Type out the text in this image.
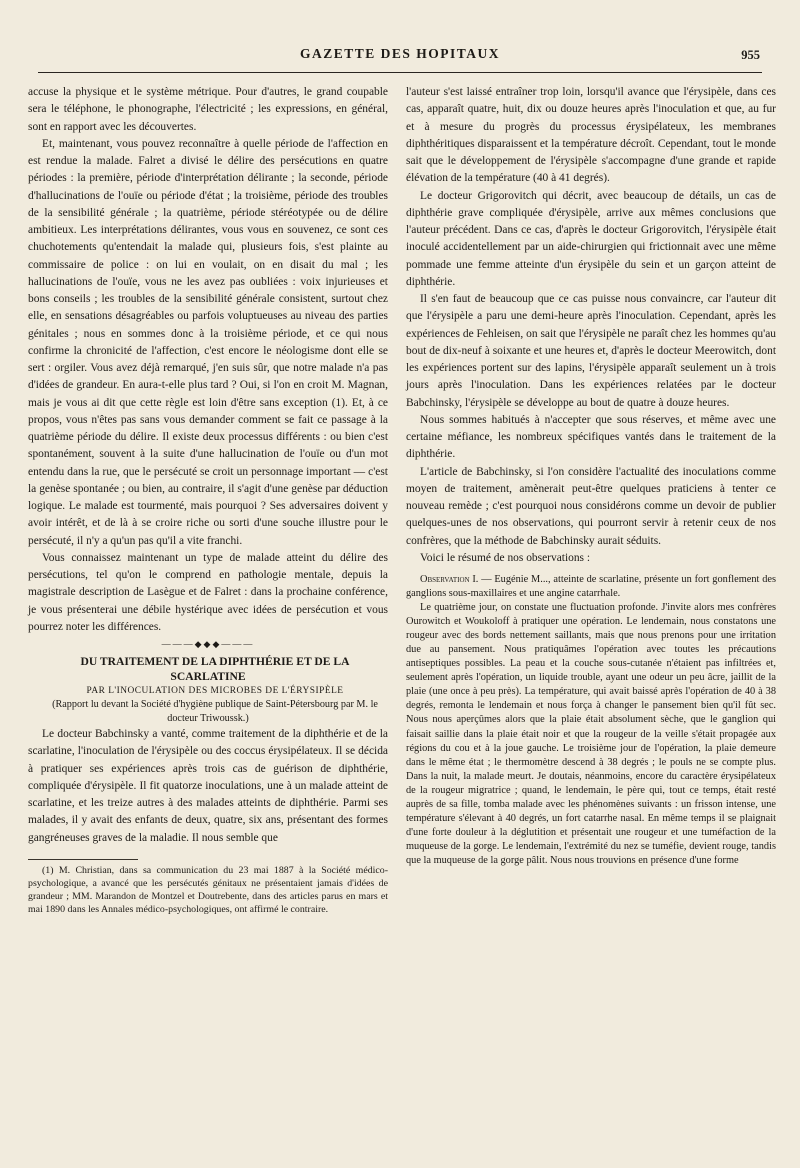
GAZETTE DES HOPITAUX	955

accuse la physique et le système métrique. Pour d'autres, le grand coupable sera le téléphone, le phonographe, l'électricité ; les expressions, en général, sont en rapport avec les découvertes.

Et, maintenant, vous pouvez reconnaître à quelle période de l'affection en est rendue la malade. Falret a divisé le délire des persécutions en quatre périodes : la première, période d'interprétation délirante ; la seconde, période d'hallucinations de l'ouïe ou période d'état ; la troisième, période des troubles de la sensibilité générale ; la quatrième, période stéréotypée ou de délire ambitieux. Les interprétations délirantes, vous vous en souvenez, ce sont ces chuchotements qu'entendait la malade qui, plusieurs fois, s'est plainte au commissaire de police : on lui en voulait, on en disait du mal ; les hallucinations de l'ouïe, vous ne les avez pas oubliées : voix injurieuses et bons conseils ; les troubles de la sensibilité générale consistent, surtout chez elle, en sensations désagréables ou parfois voluptueuses au niveau des parties génitales ; nous en sommes donc à la troisième période, et ce qui nous confirme la chronicité de l'affection, c'est encore le néologisme dont elle se sert : orgiler. Vous avez déjà remarqué, j'en suis sûr, que notre malade n'a pas d'idées de grandeur. En aura-t-elle plus tard ? Oui, si l'on en croit M. Magnan, mais je vous ai dit que cette règle est loin d'être sans exception (1). Et, à ce propos, vous n'êtes pas sans vous demander comment se fait ce passage à la quatrième période du délire. Il existe deux processus différents : ou bien c'est spontanément, souvent à la suite d'une hallucination de l'ouïe ou d'un mot entendu dans la rue, que le persécuté se croit un personnage important — c'est la genèse spontanée ; ou bien, au contraire, il s'agit d'une genèse par déduction logique. Le malade est tourmenté, mais pourquoi ? Ses adversaires doivent y avoir intérêt, et de là à se croire riche ou sorti d'une souche illustre pour le persécuté, il n'y a qu'un pas qu'il a vite franchi.

Vous connaissez maintenant un type de malade atteint du délire des persécutions, tel qu'on le comprend en pathologie mentale, depuis la magistrale description de Lasègue et de Falret : dans la prochaine conférence, je vous présenterai une débile hystérique avec idées de persécution et vous pourrez noter les différences.

———◆◆◆———

DU TRAITEMENT DE LA DIPHTHÉRIE ET DE LA SCARLATINE

PAR L'INOCULATION DES MICROBES DE L'ÉRYSIPÈLE

(Rapport lu devant la Société d'hygiène publique de Saint-Pétersbourg par M. le docteur Triwoussk.)

Le docteur Babchinsky a vanté, comme traitement de la diphthérie et de la scarlatine, l'inoculation de l'érysipèle ou des coccus érysipélateux. Il se décida à pratiquer ses expériences après trois cas de guérison de diphthérie, compliquée d'érysipèle. Il fit quatorze inoculations, une à un malade atteint de scarlatine, et les treize autres à des malades atteints de diphthérie. Parmi ses malades, il y avait des enfants de deux, quatre, six ans, présentant des formes gangréneuses graves de la maladie. Il nous semble que

(1) M. Christian, dans sa communication du 23 mai 1887 à la Société médico-psychologique, a avancé que les persécutés génitaux ne présentaient jamais d'idées de grandeur ; MM. Marandon de Montzel et Doutrebente, dans des articles parus en mars et mai 1890 dans les Annales médico-psychologiques, ont affirmé le contraire.

l'auteur s'est laissé entraîner trop loin, lorsqu'il avance que l'érysipèle, dans ces cas, apparaît quatre, huit, dix ou douze heures après l'inoculation et que, au fur et à mesure du progrès du processus érysipélateux, les membranes diphthéritiques disparaissent et la température décroît. Cependant, tout le monde sait que le développement de l'érysipèle s'accompagne d'une grande et rapide élévation de la température (40 à 41 degrés).

Le docteur Grigorovitch qui décrit, avec beaucoup de détails, un cas de diphthérie grave compliquée d'érysipèle, arrive aux mêmes conclusions que l'auteur précédent. Dans ce cas, d'après le docteur Grigorovitch, l'érysipèle était inoculé accidentellement par un aide-chirurgien qui frictionnait avec une même pommade une femme atteinte d'un érysipèle du sein et un garçon atteint de diphthérie.

Il s'en faut de beaucoup que ce cas puisse nous convaincre, car l'auteur dit que l'érysipèle a paru une demi-heure après l'inoculation. Cependant, après les expériences de Fehleisen, on sait que l'érysipèle ne paraît chez les hommes qu'au bout de dix-neuf à soixante et une heures et, d'après le docteur Meerowitch, dont les expériences portent sur des lapins, l'érysipèle apparaît seulement un à trois jours après l'inoculation. Dans les expériences relatées par le docteur Babchinsky, l'érysipèle se développe au bout de quatre à douze heures.

Nous sommes habitués à n'accepter que sous réserves, et même avec une certaine méfiance, les nombreux spécifiques vantés dans le traitement de la diphthérie.

L'article de Babchinsky, si l'on considère l'actualité des inoculations comme moyen de traitement, amènerait peut-être quelques praticiens à tenter ce nouveau remède ; c'est pourquoi nous considérons comme un devoir de publier quelques-unes de nos observations, qui pourront servir à retenir ceux de nos confrères, que la méthode de Babchinsky aurait séduits.

Voici le résumé de nos observations :

Observation I. — Eugénie M..., atteinte de scarlatine, présente un fort gonflement des ganglions sous-maxillaires et une angine catarrhale.

Le quatrième jour, on constate une fluctuation profonde. J'invite alors mes confrères Ourowitch et Woukoloff à pratiquer une opération. Le lendemain, nous constatons une rougeur avec des bords nettement saillants, mais que nous prenons pour une irritation due au pansement. Nous pratiquâmes l'opération avec toutes les précautions antiseptiques possibles. La peau et la couche sous-cutanée n'étaient pas infiltrées et, seulement après l'opération, un liquide trouble, ayant une odeur un peu âcre, jaillit de la plaie (une once à peu près). La température, qui avait baissé après l'opération de 40 à 38 degrés, remonta le lendemain et nous força à changer le pansement bien qu'il fût sec. Nous nous aperçûmes alors que la plaie était absolument sèche, que le ganglion qui faisait saillie dans la plaie était noir et que la rougeur de la veille s'était propagée aux régions du cou et à la joue gauche. Le troisième jour de l'opération, la plaie demeure dans le même état ; le thermomètre descend à 38 degrés ; le pouls ne se compte plus. Dans la nuit, la malade meurt. Je doutais, néanmoins, encore du caractère érysipélateux de la rougeur migratrice ; quand, le lendemain, le père qui, tout ce temps, était resté auprès de sa fille, tomba malade avec les phénomènes suivants : un frisson intense, une température s'élevant à 40 degrés, un fort catarrhe nasal. En même temps il se plaignait d'une forte douleur à la déglutition et présentait une rougeur et une tuméfaction de la muqueuse de la gorge. Le lendemain, l'extrémité du nez se tuméfie, devient rouge, tandis que la muqueuse de la gorge pâlit. Nous nous trouvions en présence d'une forme
